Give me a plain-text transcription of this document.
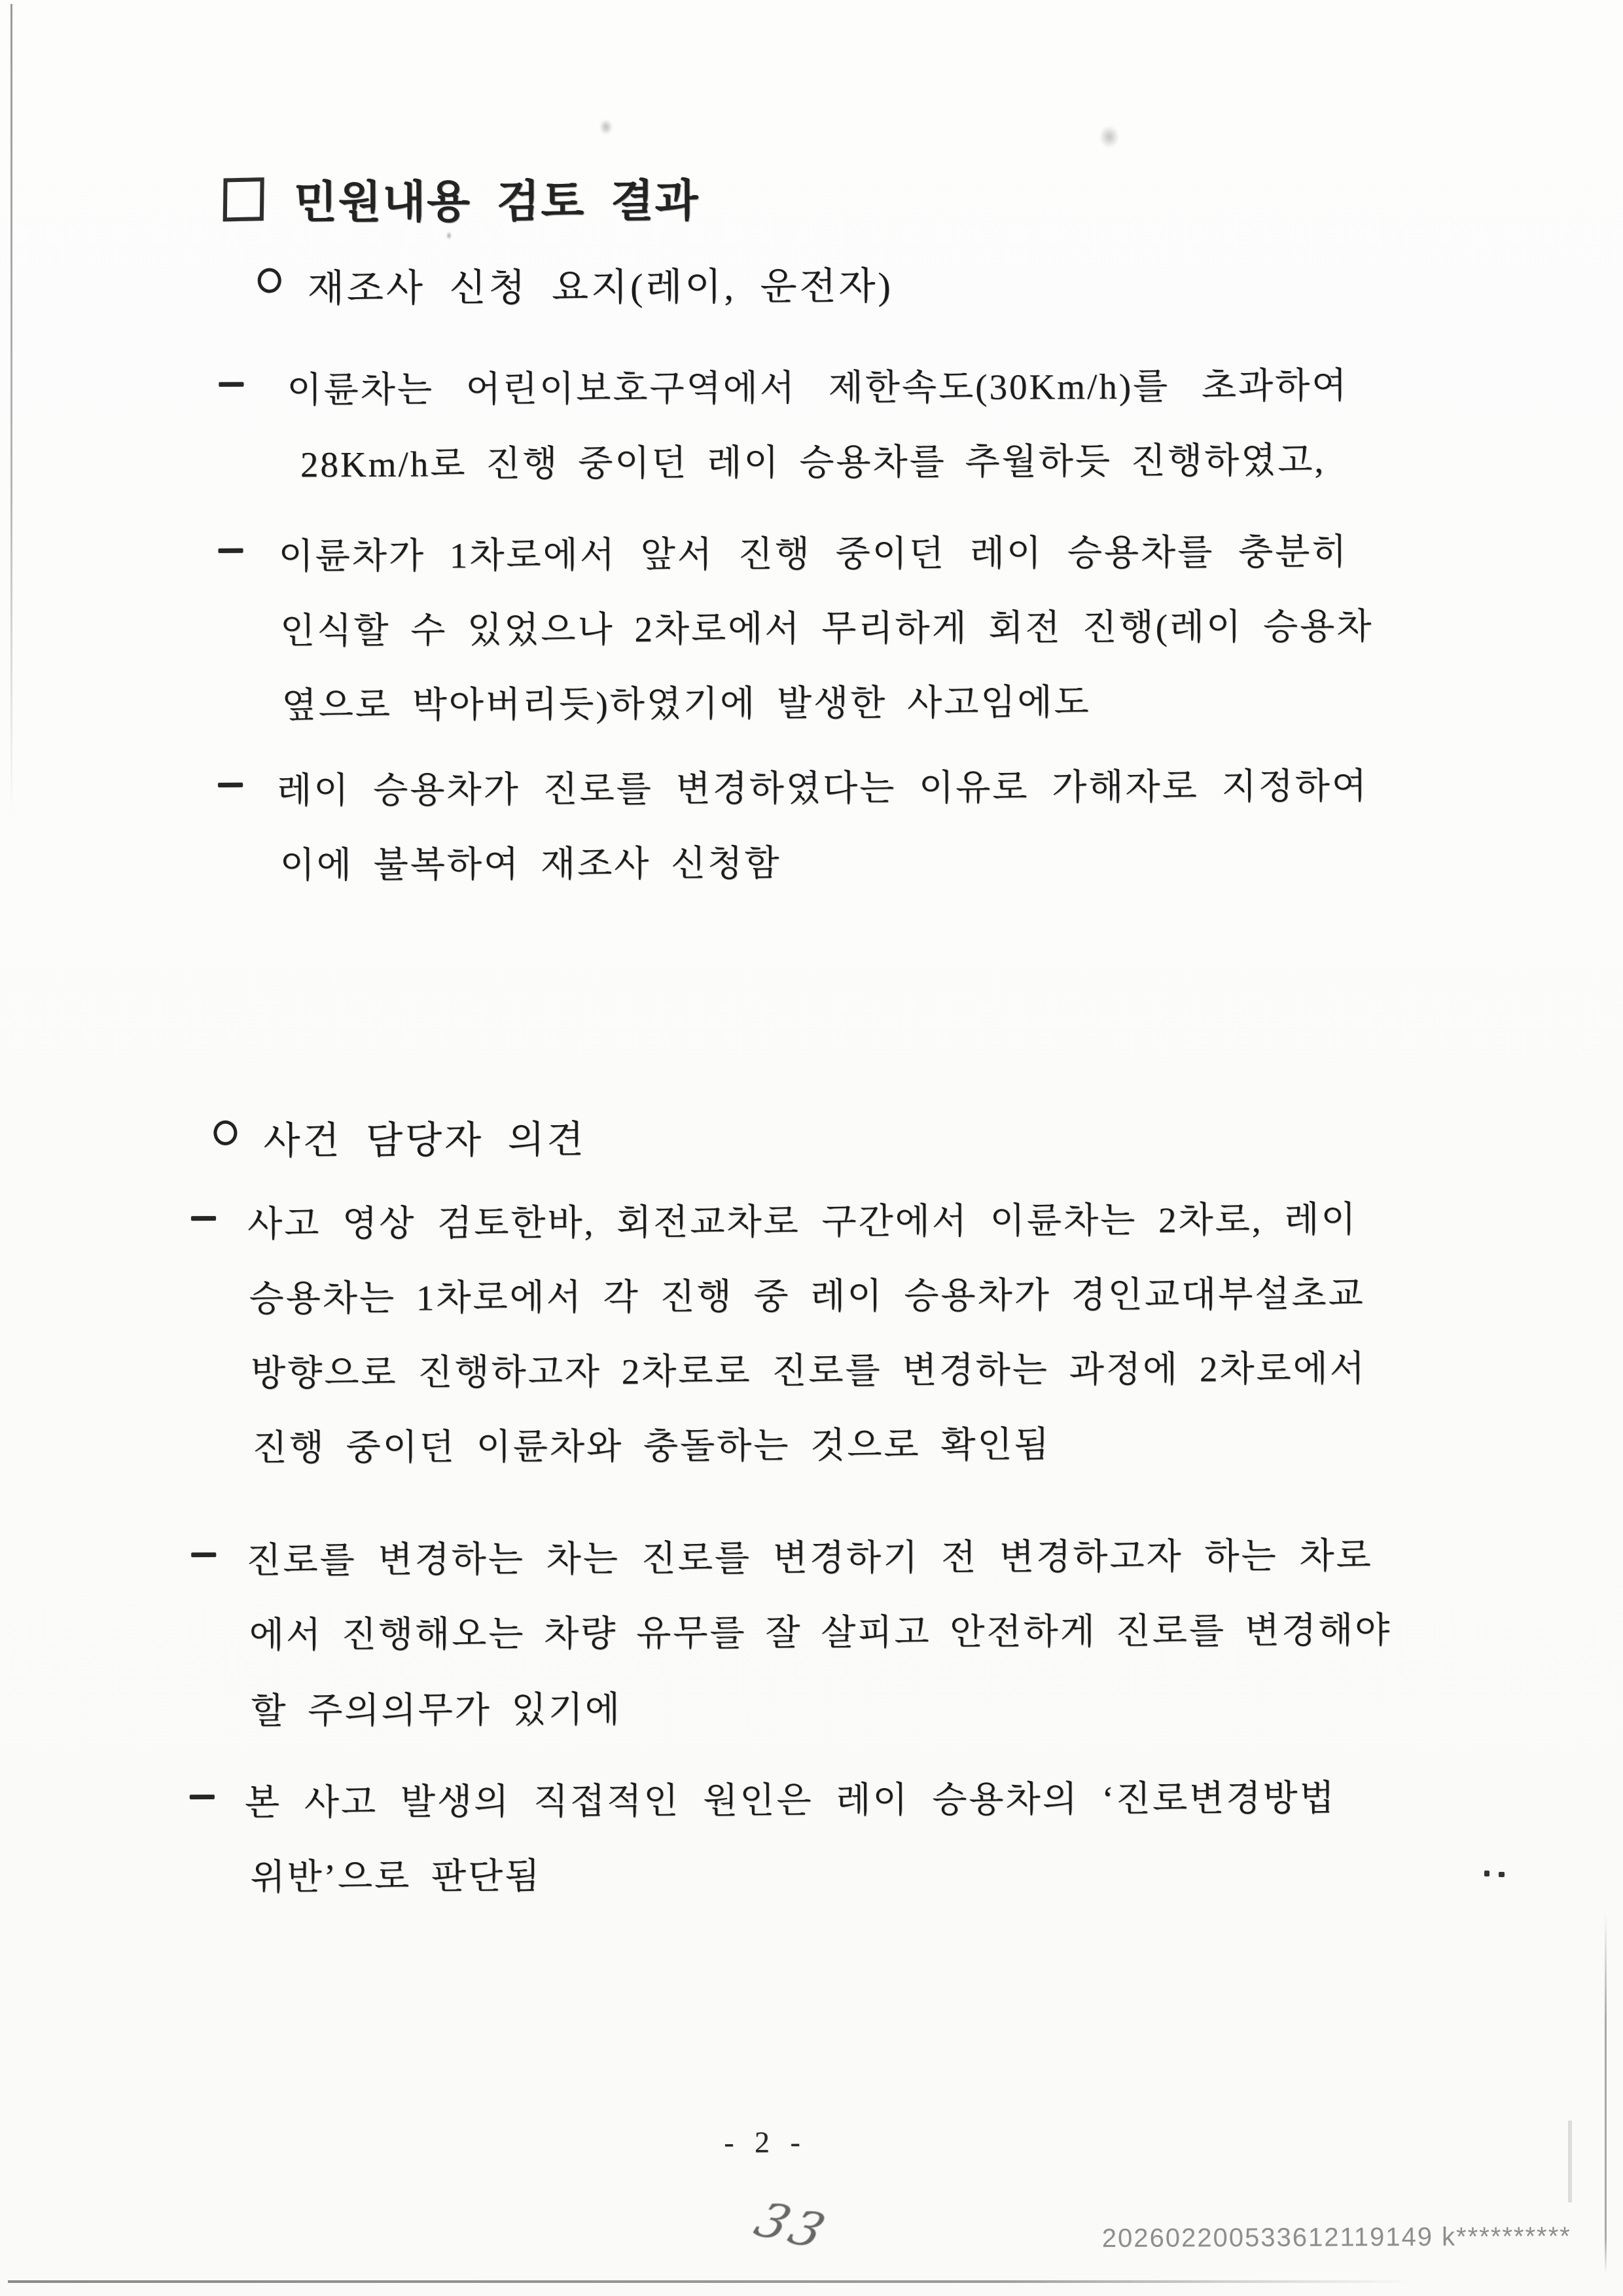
민원내용 검토 결과
재조사 신청 요지(레이, 운전자)
이륜차는 어린이보호구역에서 제한속도(30Km/h)를 초과하여
28Km/h로 진행 중이던 레이 승용차를 추월하듯 진행하였고,
이륜차가 1차로에서 앞서 진행 중이던 레이 승용차를 충분히
인식할 수 있었으나 2차로에서 무리하게 회전 진행(레이 승용차
옆으로 박아버리듯)하였기에 발생한 사고임에도
레이 승용차가 진로를 변경하였다는 이유로 가해자로 지정하여
이에 불복하여 재조사 신청함
사건 담당자 의견
사고 영상 검토한바, 회전교차로 구간에서 이륜차는 2차로, 레이
승용차는 1차로에서 각 진행 중 레이 승용차가 경인교대부설초교
방향으로 진행하고자 2차로로 진로를 변경하는 과정에 2차로에서
진행 중이던 이륜차와 충돌하는 것으로 확인됨
진로를 변경하는 차는 진로를 변경하기 전 변경하고자 하는 차로
에서 진행해오는 차량 유무를 잘 살피고 안전하게 진로를 변경해야
할 주의의무가 있기에
본 사고 발생의 직접적인 원인은 레이 승용차의 ‘진로변경방법
위반’으로 판단됨
- 2 -
33	202602200533612119149 k**********
